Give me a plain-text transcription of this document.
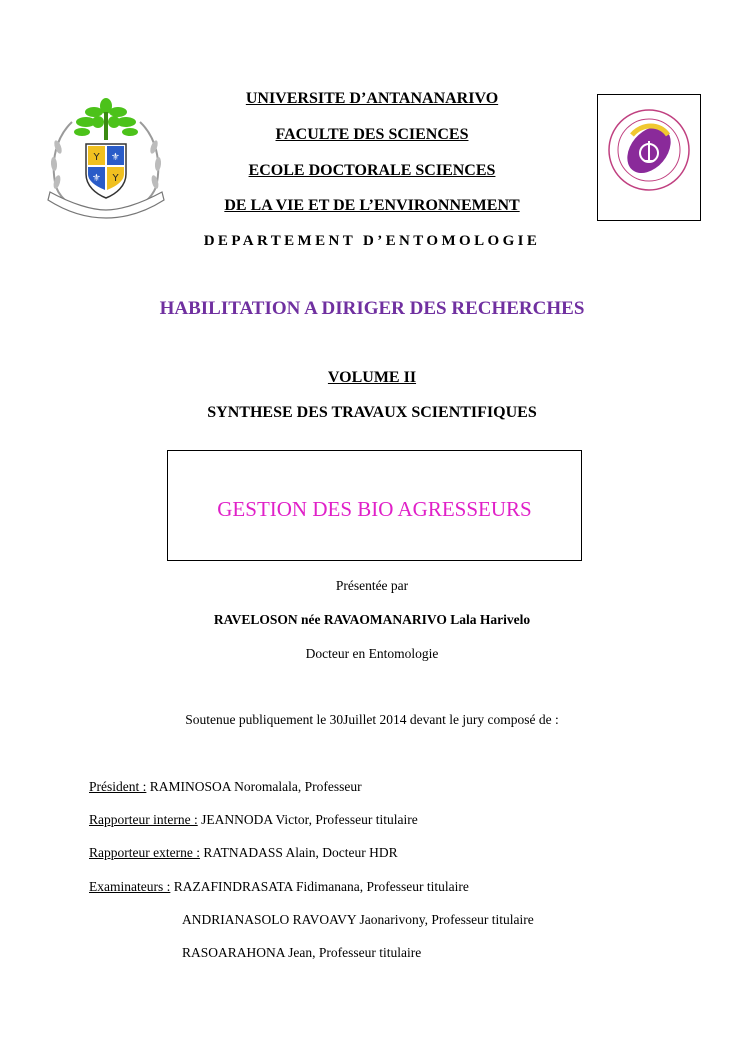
Y ⚜
⚜ Y
UNIVERSITE D’ANTANANARIVO
FACULTE DES SCIENCES
ECOLE DOCTORALE SCIENCES
DE LA VIE ET DE L’ENVIRONNEMENT
DEPARTEMENT D’ENTOMOLOGIE
HABILITATION A DIRIGER DES RECHERCHES
VOLUME II
SYNTHESE DES TRAVAUX SCIENTIFIQUES
GESTION DES BIO AGRESSEURS
Présentée par
RAVELOSON née RAVAOMANARIVO Lala Harivelo
Docteur en Entomologie
Soutenue publiquement le 30Juillet 2014 devant le jury composé de :
Président : RAMINOSOA Noromalala, Professeur
Rapporteur interne : JEANNODA Victor, Professeur titulaire
Rapporteur externe : RATNADASS Alain, Docteur HDR
Examinateurs : RAZAFINDRASATA Fidimanana, Professeur titulaire
ANDRIANASOLO RAVOAVY Jaonarivony, Professeur titulaire
RASOARAHONA Jean, Professeur titulaire
